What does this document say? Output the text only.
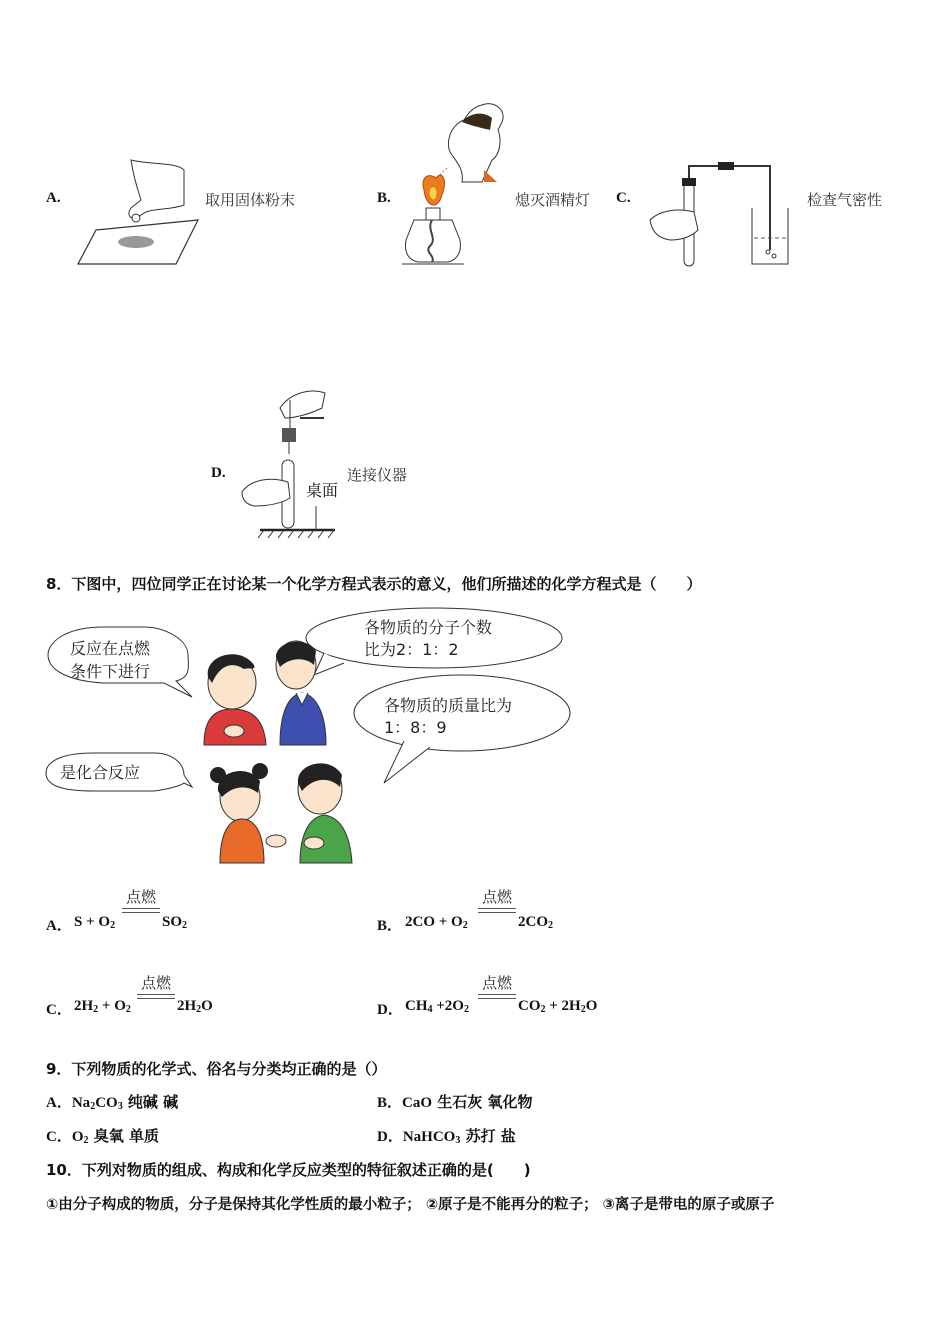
A.	取用固体粉末	B.	熄灭酒精灯 C.	检查气密性
D.
桌面
连接仪器
8．下图中，四位同学正在讨论某一个化学方程式表示的意义，他们所描述的化学方程式是（　　）
反应在点燃
条件下进行
各物质的分子个数
比为2：1：2
各物质的质量比为
1：8：9
是化合反应
A． $S + O_2$
点燃
$SO_2$	B． $2CO + O_2$
点燃
$2CO_2$
C． $2H_2 + O_2$
点燃
$2H_2O$	D． $CH_4 +2O_2$
点燃
$CO_2 + 2H_2O$
9．下列物质的化学式、俗名与分类均正确的是（）
A．$Na_2CO_3$ 纯碱 碱	B．CaO 生石灰 氧化物
C．$O_2$ 臭氧 单质	D．NaHCO$_3$ 苏打 盐
10．下列对物质的组成、构成和化学反应类型的特征叙述正确的是(　　)
①由分子构成的物质，分子是保持其化学性质的最小粒子； ②原子是不能再分的粒子； ③离子是带电的原子或原子
